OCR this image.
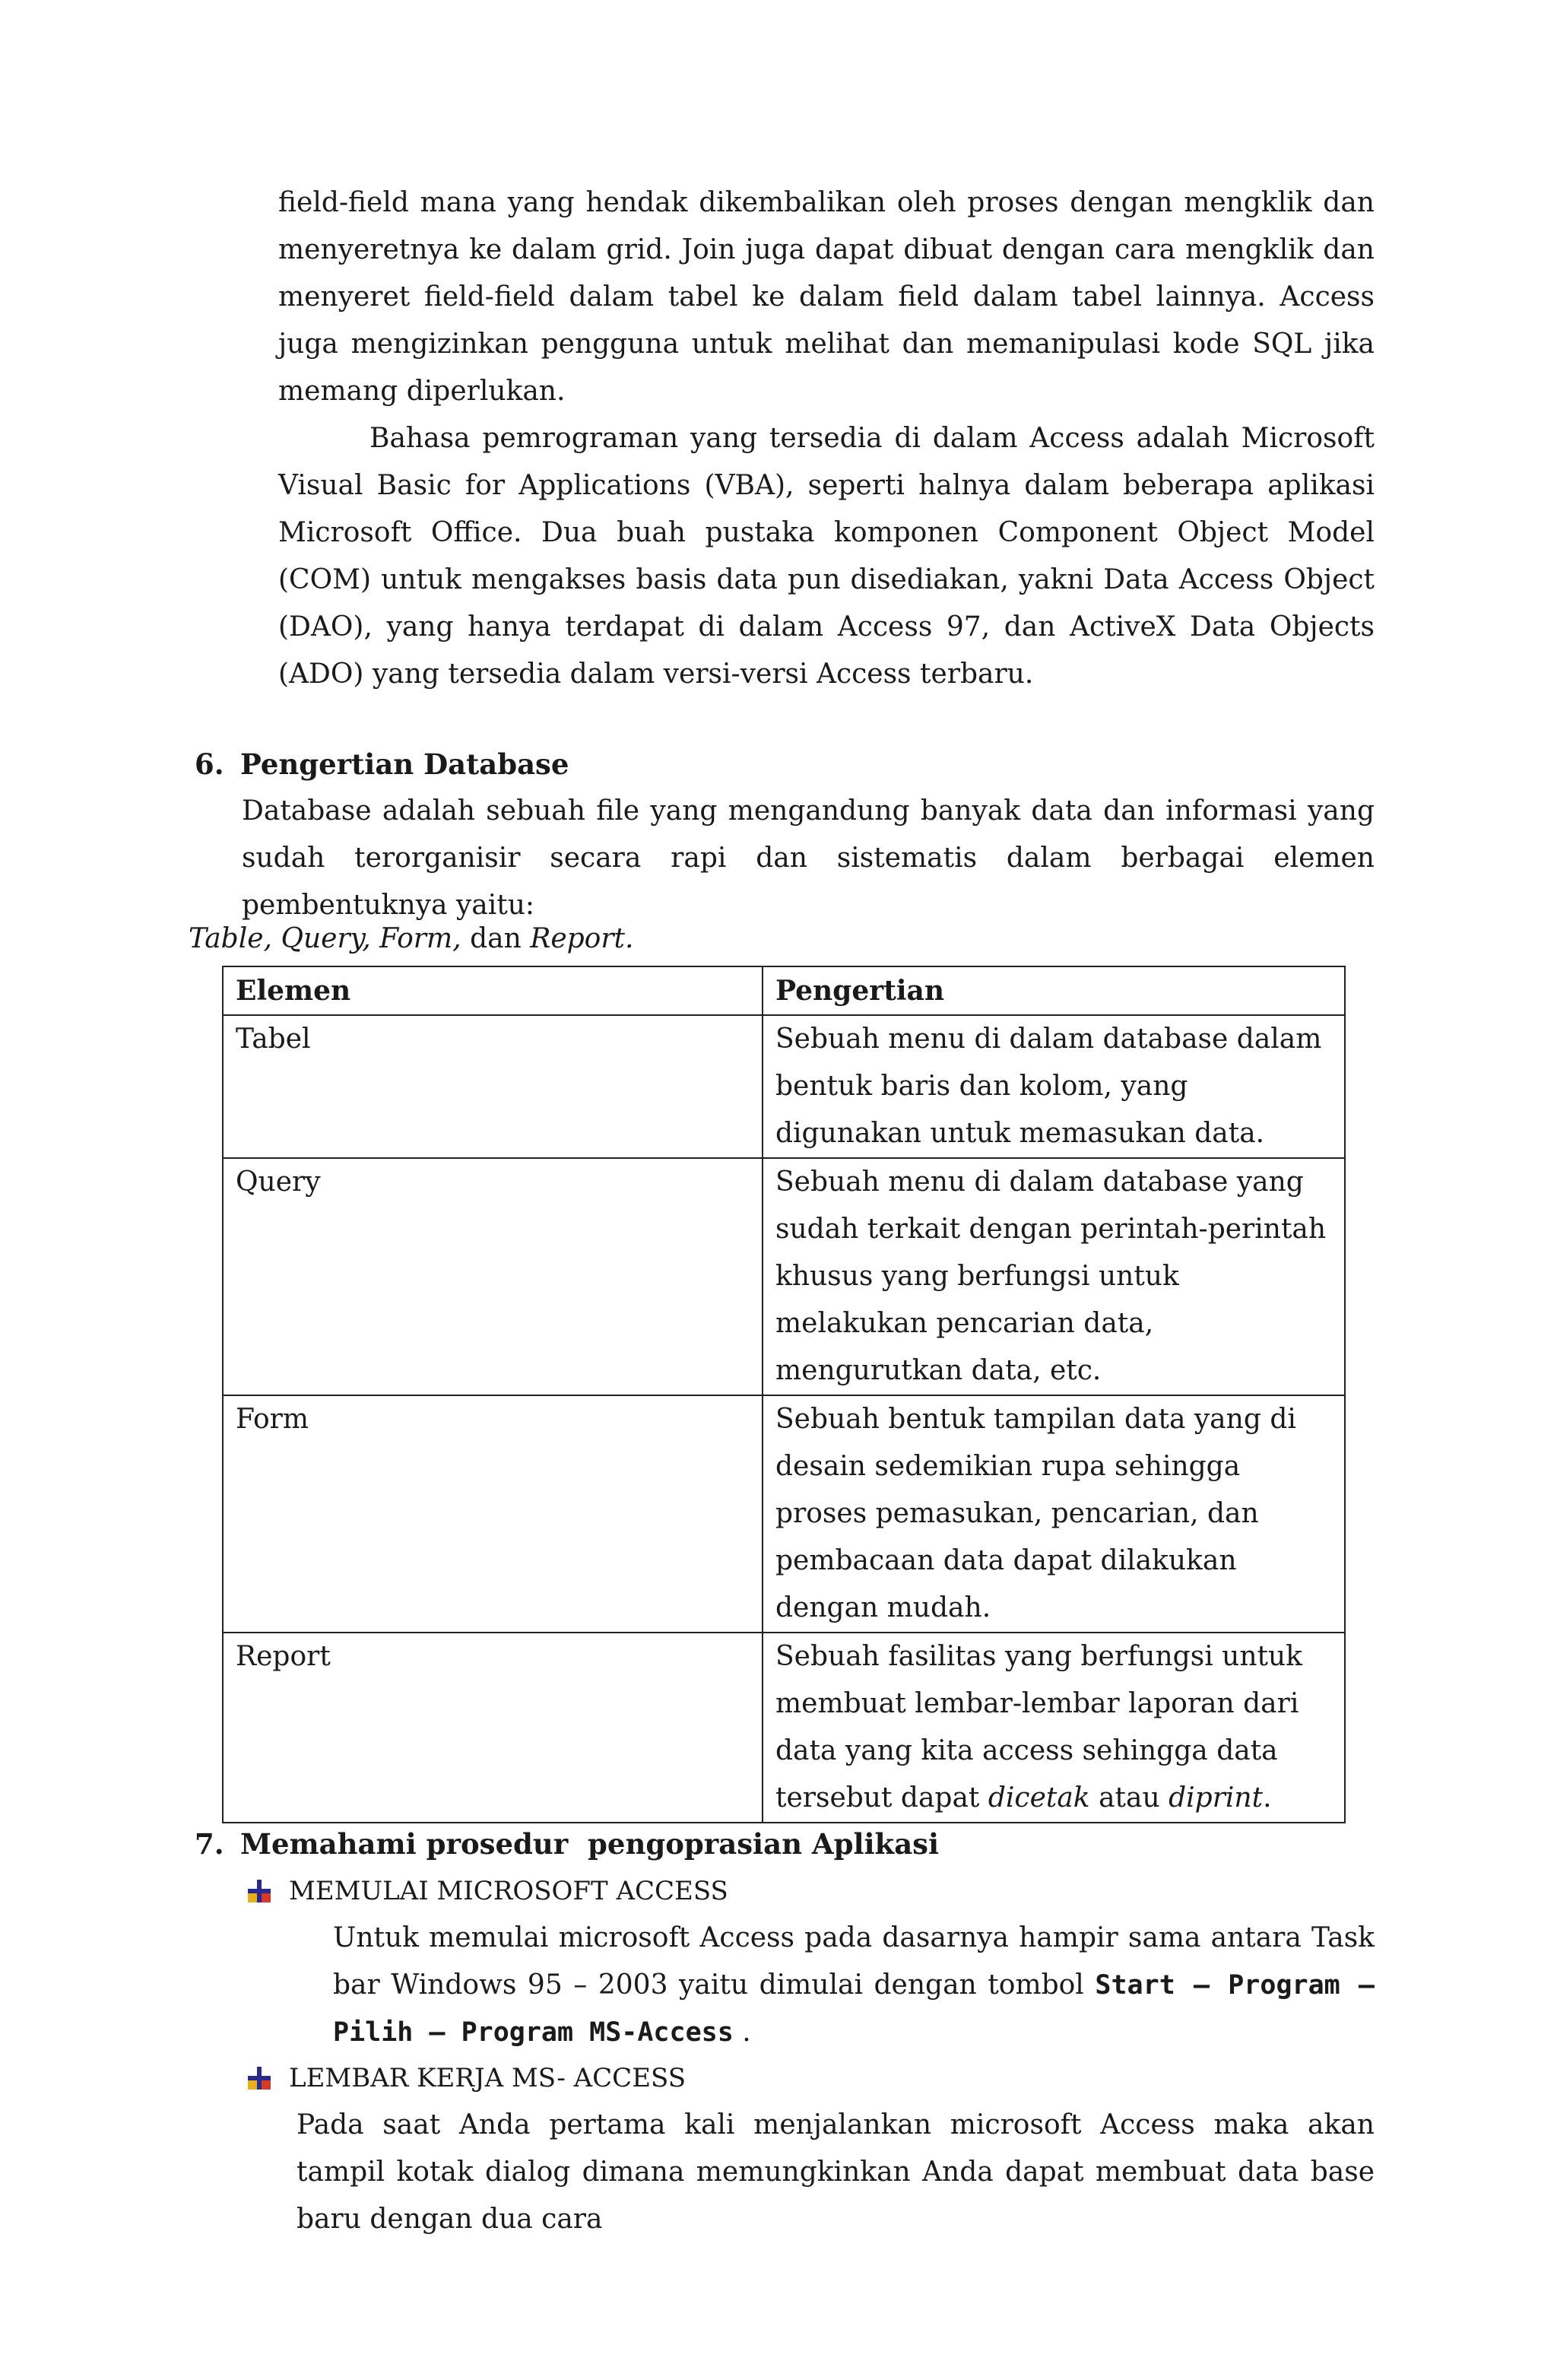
field-field mana yang hendak dikembalikan oleh proses dengan mengklik dan menyeretnya ke dalam grid. Join juga dapat dibuat dengan cara mengklik dan menyeret field-field dalam tabel ke dalam field dalam tabel lainnya. Access juga mengizinkan pengguna untuk melihat dan memanipulasi kode SQL jika memang diperlukan.

Bahasa pemrograman yang tersedia di dalam Access adalah Microsoft Visual Basic for Applications (VBA), seperti halnya dalam beberapa aplikasi Microsoft Office. Dua buah pustaka komponen Component Object Model (COM) untuk mengakses basis data pun disediakan, yakni Data Access Object (DAO), yang hanya terdapat di dalam Access 97, dan ActiveX Data Objects (ADO) yang tersedia dalam versi-versi Access terbaru.

6. Pengertian Database

Database adalah sebuah file yang mengandung banyak data dan informasi yang sudah terorganisir secara rapi dan sistematis dalam berbagai elemen pembentuknya yaitu:

Table, Query, Form, dan Report.

Elemen	Pengertian
Tabel	Sebuah menu di dalam database dalam bentuk baris dan kolom, yang digunakan untuk memasukan data.
Query	Sebuah menu di dalam database yang sudah terkait dengan perintah-perintah khusus yang berfungsi untuk melakukan pencarian data, mengurutkan data, etc.
Form	Sebuah bentuk tampilan data yang di desain sedemikian rupa sehingga proses pemasukan, pencarian, dan pembacaan data dapat dilakukan dengan mudah.
Report	Sebuah fasilitas yang berfungsi untuk membuat lembar-lembar laporan dari data yang kita access sehingga data tersebut dapat dicetak atau diprint.
7. Memahami prosedur  pengoprasian Aplikasi

MEMULAI MICROSOFT ACCESS

Untuk memulai microsoft Access pada dasarnya hampir sama antara Task bar Windows 95 – 2003 yaitu dimulai dengan tombol Start – Program – Pilih – Program MS-Access .

LEMBAR KERJA MS- ACCESS

Pada saat Anda pertama kali menjalankan microsoft Access maka akan tampil kotak dialog dimana memungkinkan Anda dapat membuat data base baru dengan dua cara
